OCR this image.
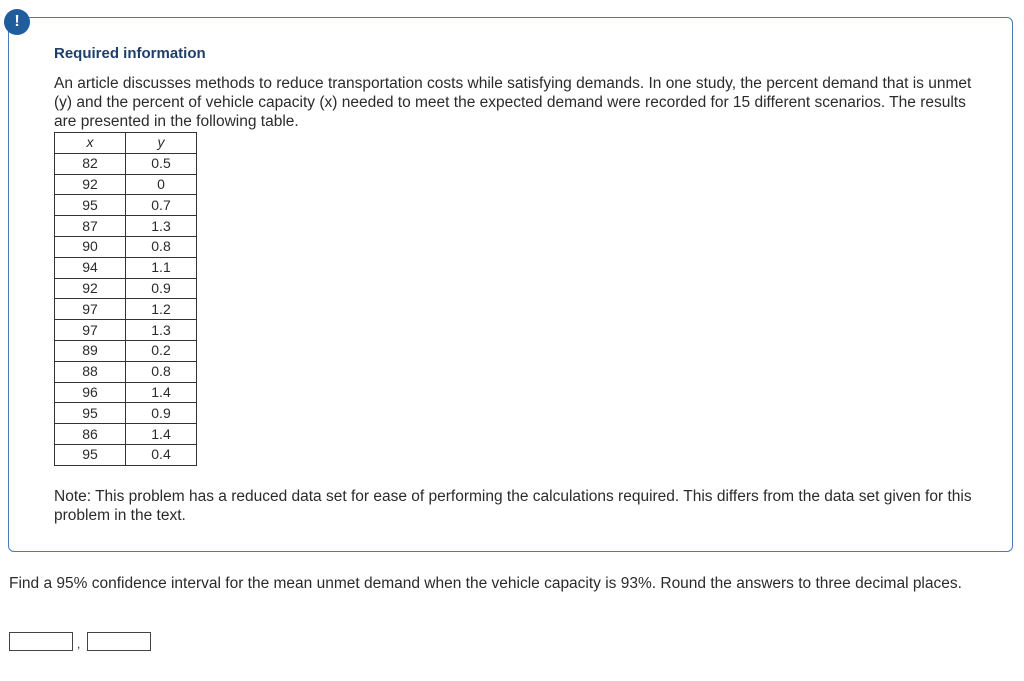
!
Required information
An article discusses methods to reduce transportation costs while satisfying demands. In one study, the percent demand that is unmet (y) and the percent of vehicle capacity (x) needed to meet the expected demand were recorded for 15 different scenarios. The results are presented in the following table.
x	y
82	0.5
92	0
95	0.7
87	1.3
90	0.8
94	1.1
92	0.9
97	1.2
97	1.3
89	0.2
88	0.8
96	1.4
95	0.9
86	1.4
95	0.4
Note: This problem has a reduced data set for ease of performing the calculations required. This differs from the data set given for this problem in the text.
Find a 95% confidence interval for the mean unmet demand when the vehicle capacity is 93%. Round the answers to three decimal places.
,
